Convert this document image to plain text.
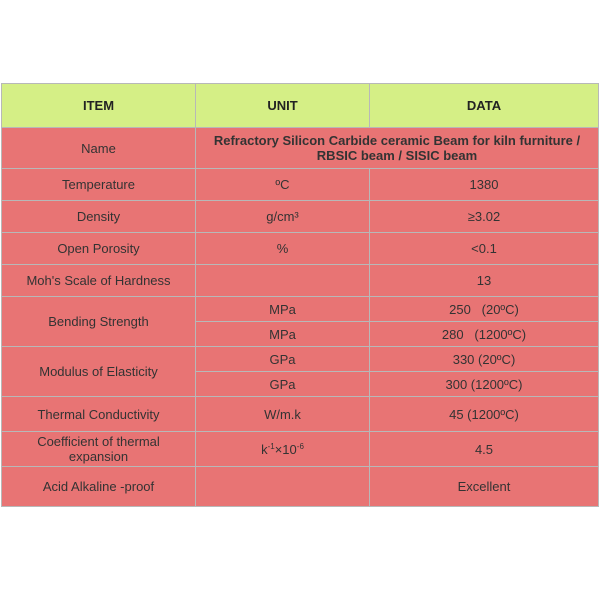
ITEM	UNIT	DATA
Name	Refractory Silicon Carbide ceramic Beam for kiln furniture / RBSIC beam / SISIC beam	
Temperature	ºC	1380
Density	g/cm³	≥3.02
Open Porosity	%	<0.1
Moh's Scale of Hardness		13
Bending Strength	MPa	250   (20ºC)
	MPa	280   (1200ºC)
Modulus of Elasticity	GPa	330 (20ºC)
	GPa	300 (1200ºC)
Thermal Conductivity	W/m.k	45 (1200ºC)
Coefficient of thermal expansion	$k^{-1}\times 10^{-6}$	4.5
Acid Alkaline -proof		Excellent
